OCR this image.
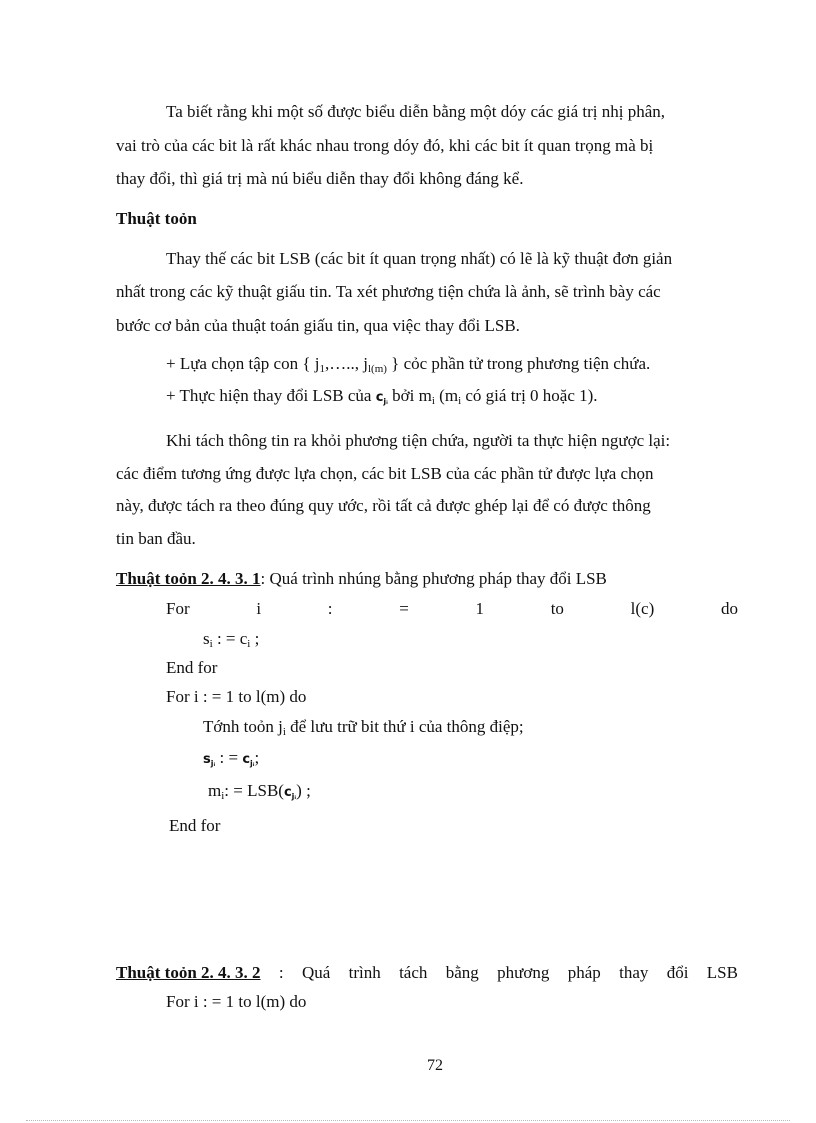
Ta biết rằng khi một số được biểu diễn bằng một dóy các giá trị nhị phân,
vai trò của các bit là rất khác nhau trong dóy đó, khi các bit ít quan trọng mà bị
thay đổi, thì giá trị mà nú biểu diễn thay đổi không đáng kể.
Thuật toỏn
Thay thế các bit LSB (các bit ít quan trọng nhất) có lẽ là kỹ thuật đơn giản
nhất trong các kỹ thuật giấu tin. Ta xét phương tiện chứa là ảnh, sẽ trình bày các
bước cơ bản của thuật toán giấu tin, qua việc thay đổi LSB.
+ Lựa chọn tập con { $j_1,\dots$.., $j_{l(m)}$ } cỏc phần tử trong phương tiện chứa.
+ Thực hiện thay đổi LSB của $c_{jᵢ}$ bởi $m_i$ ($m_i$ có giá trị 0 hoặc 1).
Khi tách thông tin ra khỏi phương tiện chứa, người ta thực hiện ngược lại:
các điểm tương ứng được lựa chọn, các bit LSB của các phần tử được lựa chọn
này, được tách ra theo đúng quy ước, rồi tất cả được ghép lại để có được thông
tin ban đầu.
Thuật toỏn 2. 4. 3. 1: Quá trình nhúng bằng phương pháp thay đổi LSB
For	i	:	=	1	to	l(c)	do
$s_i$ : = $c_i$ ;
End for
For i : = 1 to l(m) do
Tớnh toỏn $j_i$ để lưu trữ bit thứ i của thông điệp;
$s_{jᵢ}$ : = $c_{jᵢ}$;
$m_i$: = $LSB(c_{jᵢ})$ ;
End for
Thuật toỏn 2. 4. 3. 2 : Quá trình tách bằng phương pháp thay đổi LSB
For i : = 1 to l(m) do
72
